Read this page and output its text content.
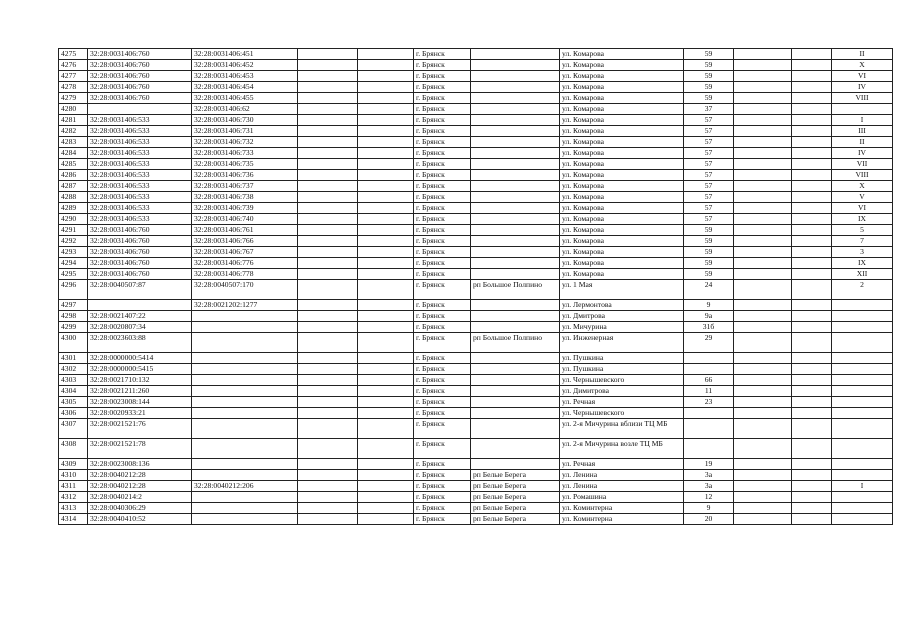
4275	32:28:0031406:760	32:28:0031406:451			г. Брянск		ул. Комарова	59			II
4276	32:28:0031406:760	32:28:0031406:452			г. Брянск		ул. Комарова	59			X
4277	32:28:0031406:760	32:28:0031406:453			г. Брянск		ул. Комарова	59			VI
4278	32:28:0031406:760	32:28:0031406:454			г. Брянск		ул. Комарова	59			IV
4279	32:28:0031406:760	32:28:0031406:455			г. Брянск		ул. Комарова	59			VIII
4280		32:28:0031406:62			г. Брянск		ул. Комарова	37			
4281	32:28:0031406:533	32:28:0031406:730			г. Брянск		ул. Комарова	57			I
4282	32:28:0031406:533	32:28:0031406:731			г. Брянск		ул. Комарова	57			III
4283	32:28:0031406:533	32:28:0031406:732			г. Брянск		ул. Комарова	57			II
4284	32:28:0031406:533	32:28:0031406:733			г. Брянск		ул. Комарова	57			IV
4285	32:28:0031406:533	32:28:0031406:735			г. Брянск		ул. Комарова	57			VII
4286	32:28:0031406:533	32:28:0031406:736			г. Брянск		ул. Комарова	57			VIII
4287	32:28:0031406:533	32:28:0031406:737			г. Брянск		ул. Комарова	57			X
4288	32:28:0031406:533	32:28:0031406:738			г. Брянск		ул. Комарова	57			V
4289	32:28:0031406:533	32:28:0031406:739			г. Брянск		ул. Комарова	57			VI
4290	32:28:0031406:533	32:28:0031406:740			г. Брянск		ул. Комарова	57			IX
4291	32:28:0031406:760	32:28:0031406:761			г. Брянск		ул. Комарова	59			5
4292	32:28:0031406:760	32:28:0031406:766			г. Брянск		ул. Комарова	59			7
4293	32:28:0031406:760	32:28:0031406:767			г. Брянск		ул. Комарова	59			3
4294	32:28:0031406:760	32:28:0031406:776			г. Брянск		ул. Комарова	59			IX
4295	32:28:0031406:760	32:28:0031406:778			г. Брянск		ул. Комарова	59			XII
4296	32:28:0040507:87	32:28:0040507:170			г. Брянск	рп Большое Полпино	ул. 1 Мая	24			2
4297		32:28:0021202:1277			г. Брянск		ул. Лермонтова	9			
4298	32:28:0021407:22				г. Брянск		ул. Дмитрова	9а			
4299	32:28:0020807:34				г. Брянск		ул. Мичурина	31б			
4300	32:28:0023603:88				г. Брянск	рп Большое Полпино	ул. Инженерная	29			
4301	32:28:0000000:5414				г. Брянск		ул. Пушкина				
4302	32:28:0000000:5415				г. Брянск		ул. Пушкина				
4303	32:28:0021710:132				г. Брянск		ул. Чернышевского	66			
4304	32:28:0021211:260				г. Брянск		ул. Димитрова	11			
4305	32:28:0023008:144				г. Брянск		ул. Речная	23			
4306	32:28:0020933:21				г. Брянск		ул. Чернышевского				
4307	32:28:0021521:76				г. Брянск		ул. 2-я Мичурина вблизи ТЦ МБ				
4308	32:28:0021521:78				г. Брянск		ул. 2-я Мичурина возле ТЦ МБ				
4309	32:28:0023008:136				г. Брянск		ул. Речная	19			
4310	32:28:0040212:28				г. Брянск	рп Белые Берега	ул. Ленина	3а			
4311	32:28:0040212:28	32:28:0040212:206			г. Брянск	рп Белые Берега	ул. Ленина	3а			I
4312	32:28:0040214:2				г. Брянск	рп Белые Берега	ул. Ромашина	12			
4313	32:28:0040306:29				г. Брянск	рп Белые Берега	ул. Коминтерна	9			
4314	32:28:0040410:52				г. Брянск	рп Белые Берега	ул. Коминтерна	20			
